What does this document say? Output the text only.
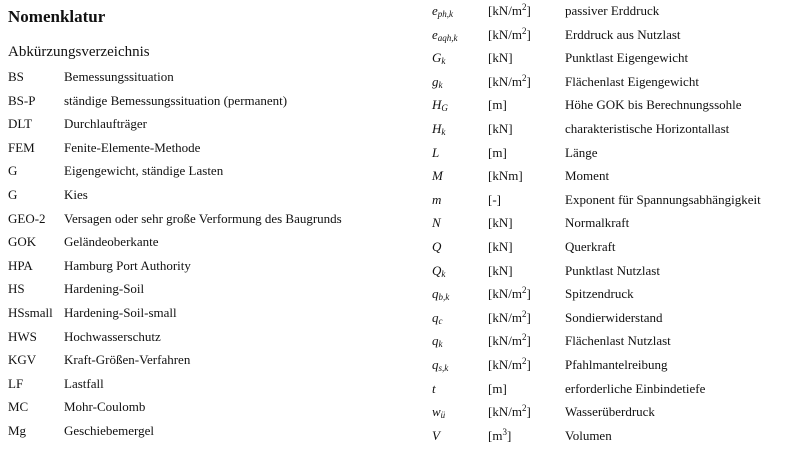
Nomenklatur
Abkürzungsverzeichnis
BS	Bemessungssituation
BS-P ständige Bemessungssituation (permanent)
DLT Durchlaufträger
FEM Fenite-Elemente-Methode
G	Eigengewicht, ständige Lasten
G	Kies
GEO-2 Versagen oder sehr große Verformung des Baugrunds
GOK Geländeoberkante
HPA Hamburg Port Authority
HS	Hardening-Soil
HSsmall Hardening-Soil-small
HWS Hochwasserschutz
KGV Kraft-Größen-Verfahren
LF	Lastfall
MC	Mohr-Coulomb
Mg	Geschiebemergel
$e_{ph,k}$	$[kN/m^2]$	passiver Erddruck
$e_{aqh,k}$ $[kN/m^2]$	Erddruck aus Nutzlast
$G_k$	[kN]	Punktlast Eigengewicht
$g_k$	$[kN/m^2]$	Flächenlast Eigengewicht
$H_G$	[m]	Höhe GOK bis Berechnungssohle
$H_k$	[kN]	charakteristische Horizontallast
L	[m]	Länge
M	[kNm]	Moment
m	[-]	Exponent für Spannungsabhängigkeit
N	[kN]	Normalkraft
Q	[kN]	Querkraft
$Q_k$	[kN]	Punktlast Nutzlast
$q_{b,k}$	$[kN/m^2]$	Spitzendruck
$q_c$	$[kN/m^2]$	Sondierwiderstand
$q_k$	$[kN/m^2]$	Flächenlast Nutzlast
$q_{s,k}$	$[kN/m^2]$	Pfahlmantelreibung
t	[m]	erforderliche Einbindetiefe
$w_ü$	$[kN/m^2]$	Wasserüberdruck
V	$[m^3]$	Volumen
